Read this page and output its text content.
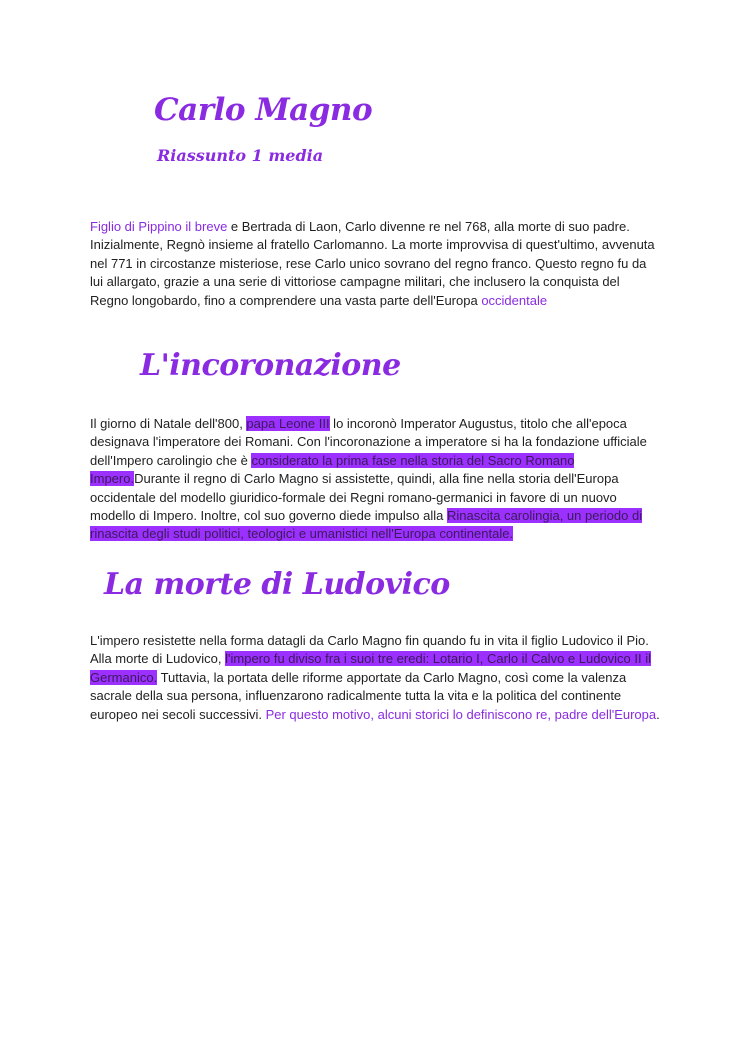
Carlo Magno
Riassunto 1 media

Figlio di Pippino il breve e Bertrada di Laon, Carlo divenne re nel 768, alla morte di suo padre. Inizialmente, Regnò insieme al fratello Carlomanno. La morte improvvisa di quest'ultimo, avvenuta nel 771 in circostanze misteriose, rese Carlo unico sovrano del regno franco. Questo regno fu da lui allargato, grazie a una serie di vittoriose campagne militari, che inclusero la conquista del Regno longobardo, fino a comprendere una vasta parte dell'Europa occidentale

L'incoronazione

Il giorno di Natale dell'800, papa Leone III lo incoronò Imperator Augustus, titolo che all'epoca designava l'imperatore dei Romani. Con l'incoronazione a imperatore si ha la fondazione ufficiale dell'Impero carolingio che è considerato la prima fase nella storia del Sacro Romano Impero.Durante il regno di Carlo Magno si assistette, quindi, alla fine nella storia dell'Europa occidentale del modello giuridico-formale dei Regni romano-germanici in favore di un nuovo modello di Impero. Inoltre, col suo governo diede impulso alla Rinascita carolingia, un periodo di rinascita degli studi politici, teologici e umanistici nell'Europa continentale.

La morte di Ludovico

L'impero resistette nella forma datagli da Carlo Magno fin quando fu in vita il figlio Ludovico il Pio. Alla morte di Ludovico, l'impero fu diviso fra i suoi tre eredi: Lotario I, Carlo il Calvo e Ludovico II il Germanico. Tuttavia, la portata delle riforme apportate da Carlo Magno, così come la valenza sacrale della sua persona, influenzarono radicalmente tutta la vita e la politica del continente europeo nei secoli successivi. Per questo motivo, alcuni storici lo definiscono re, padre dell'Europa.
